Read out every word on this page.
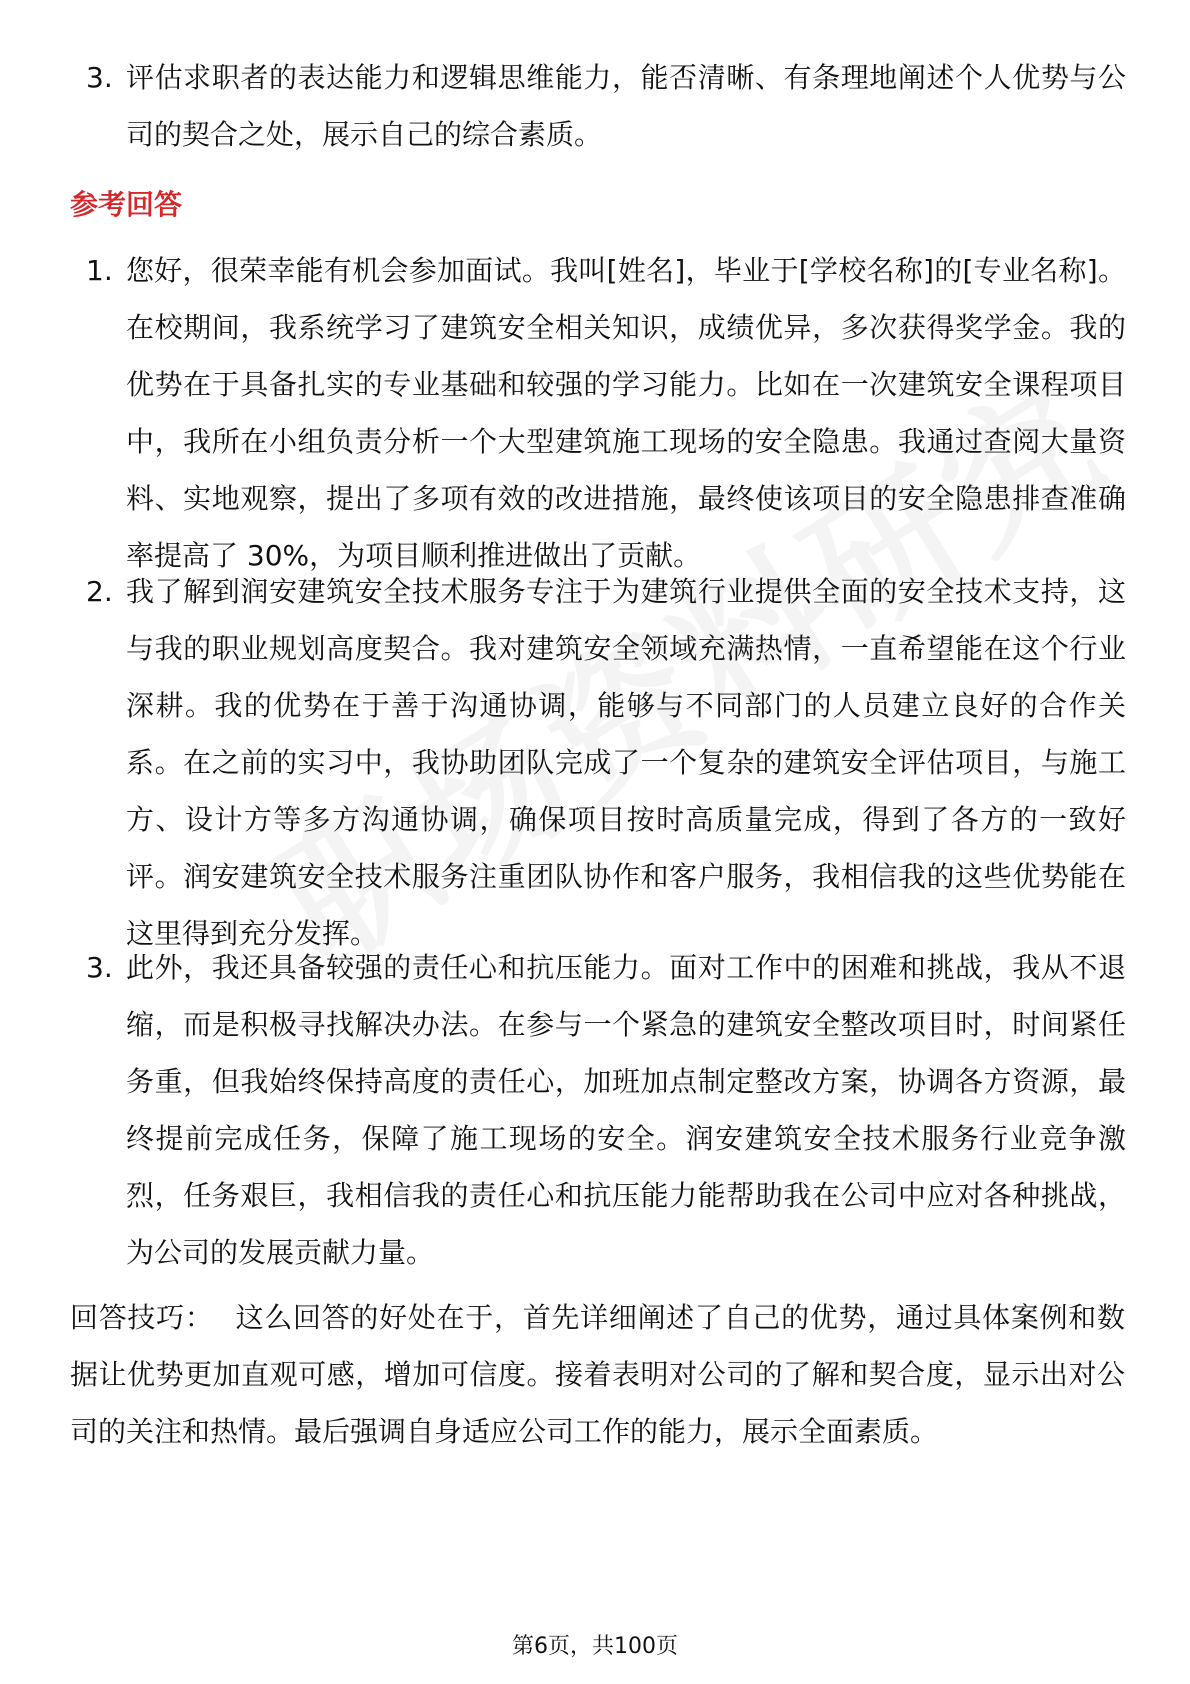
3. 评估求职者的表达能力和逻辑思维能力，能否清晰、有条理地阐述个人优势与公司的契合之处，展示自己的综合素质。
参考回答
1. 您好，很荣幸能有机会参加面试。我叫[姓名]，毕业于[学校名称]的[专业名称]。在校期间，我系统学习了建筑安全相关知识，成绩优异，多次获得奖学金。我的优势在于具备扎实的专业基础和较强的学习能力。比如在一次建筑安全课程项目中，我所在小组负责分析一个大型建筑施工现场的安全隐患。我通过查阅大量资料、实地观察，提出了多项有效的改进措施，最终使该项目的安全隐患排查准确率提高了 30%，为项目顺利推进做出了贡献。
2. 我了解到润安建筑安全技术服务专注于为建筑行业提供全面的安全技术支持，这与我的职业规划高度契合。我对建筑安全领域充满热情，一直希望能在这个行业深耕。我的优势在于善于沟通协调，能够与不同部门的人员建立良好的合作关系。在之前的实习中，我协助团队完成了一个复杂的建筑安全评估项目，与施工方、设计方等多方沟通协调，确保项目按时高质量完成，得到了各方的一致好评。润安建筑安全技术服务注重团队协作和客户服务，我相信我的这些优势能在这里得到充分发挥。
3. 此外，我还具备较强的责任心和抗压能力。面对工作中的困难和挑战，我从不退缩，而是积极寻找解决办法。在参与一个紧急的建筑安全整改项目时，时间紧任务重，但我始终保持高度的责任心，加班加点制定整改方案，协调各方资源，最终提前完成任务，保障了施工现场的安全。润安建筑安全技术服务行业竞争激烈，任务艰巨，我相信我的责任心和抗压能力能帮助我在公司中应对各种挑战，为公司的发展贡献力量。
回答技巧： 这么回答的好处在于，首先详细阐述了自己的优势，通过具体案例和数据让优势更加直观可感，增加可信度。接着表明对公司的了解和契合度，显示出对公司的关注和热情。最后强调自身适应公司工作的能力，展示全面素质。
第6页，共100页
